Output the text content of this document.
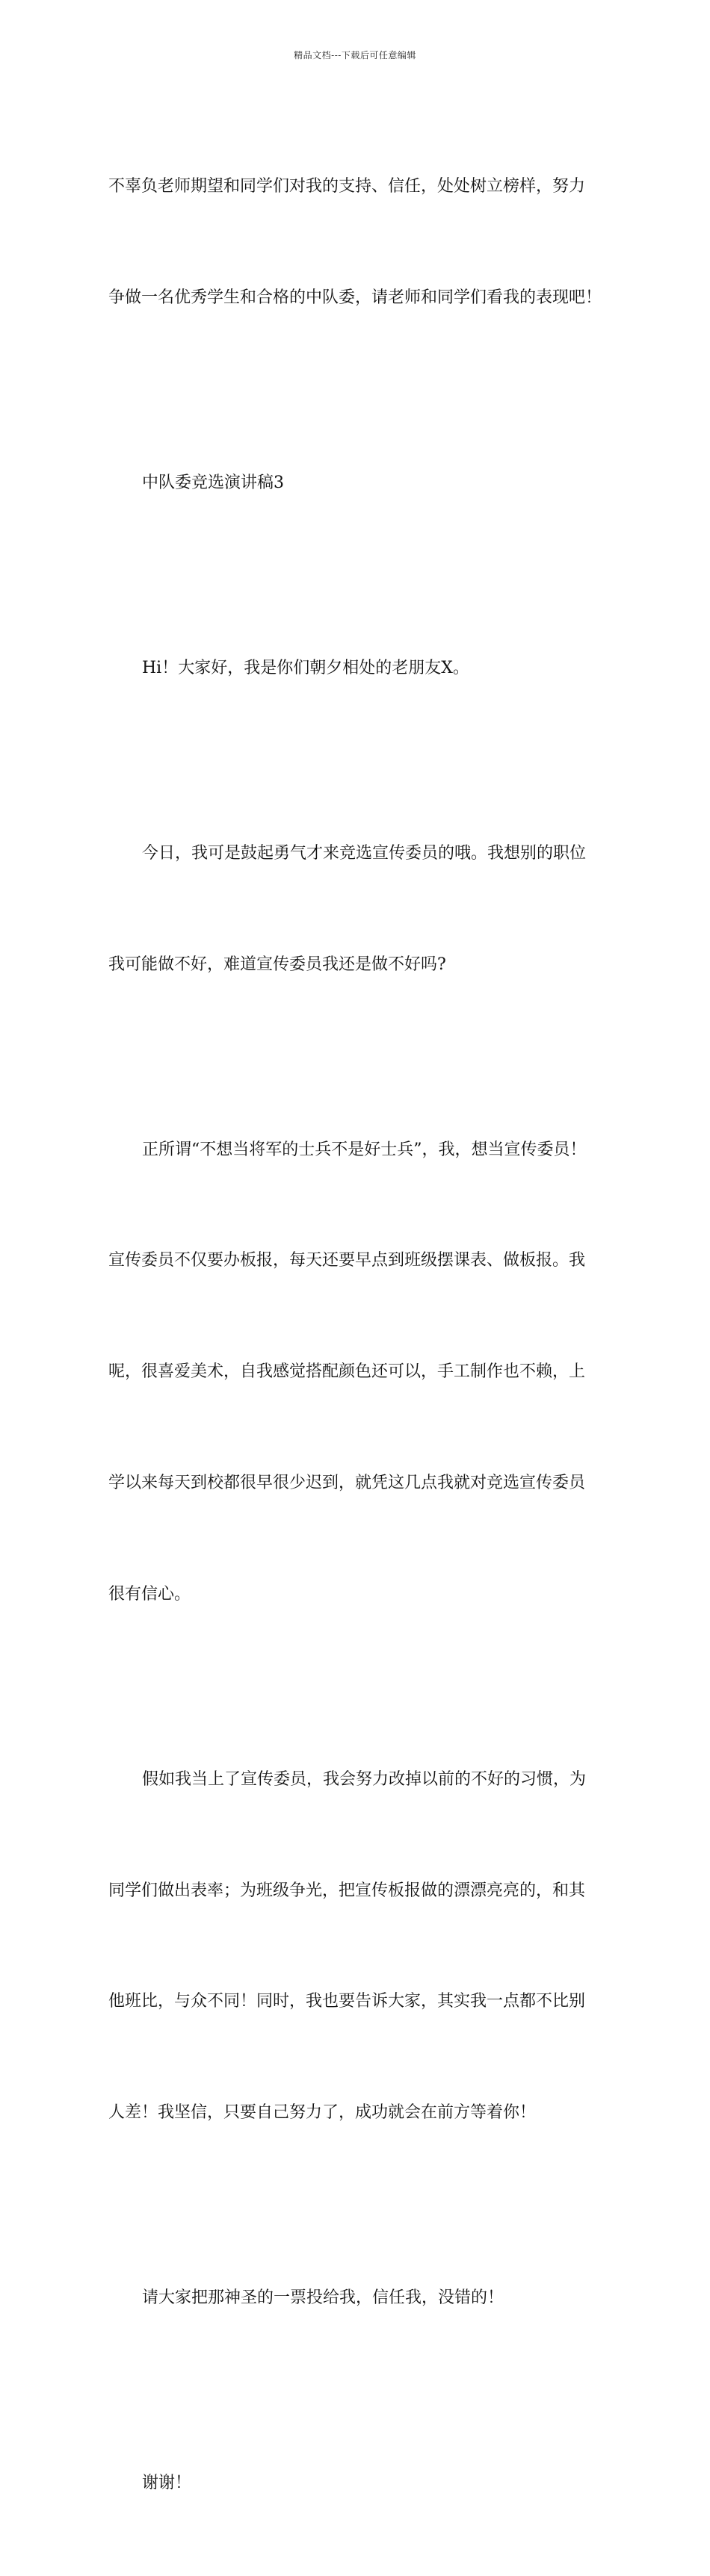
精品文档---下载后可任意编辑

不辜负老师期望和同学们对我的支持、信任，处处树立榜样，努力

争做一名优秀学生和合格的中队委，请老师和同学们看我的表现吧！

中队委竞选演讲稿3

Hi！大家好，我是你们朝夕相处的老朋友X。

今日，我可是鼓起勇气才来竞选宣传委员的哦。我想别的职位

我可能做不好，难道宣传委员我还是做不好吗?

正所谓“不想当将军的士兵不是好士兵”，我，想当宣传委员！

宣传委员不仅要办板报，每天还要早点到班级摆课表、做板报。我

呢，很喜爱美术，自我感觉搭配颜色还可以，手工制作也不赖，上

学以来每天到校都很早很少迟到，就凭这几点我就对竞选宣传委员

很有信心。

假如我当上了宣传委员，我会努力改掉以前的不好的习惯，为

同学们做出表率；为班级争光，把宣传板报做的漂漂亮亮的，和其

他班比，与众不同！同时，我也要告诉大家，其实我一点都不比别

人差！我坚信，只要自己努力了，成功就会在前方等着你！

请大家把那神圣的一票投给我，信任我，没错的！

谢谢！
